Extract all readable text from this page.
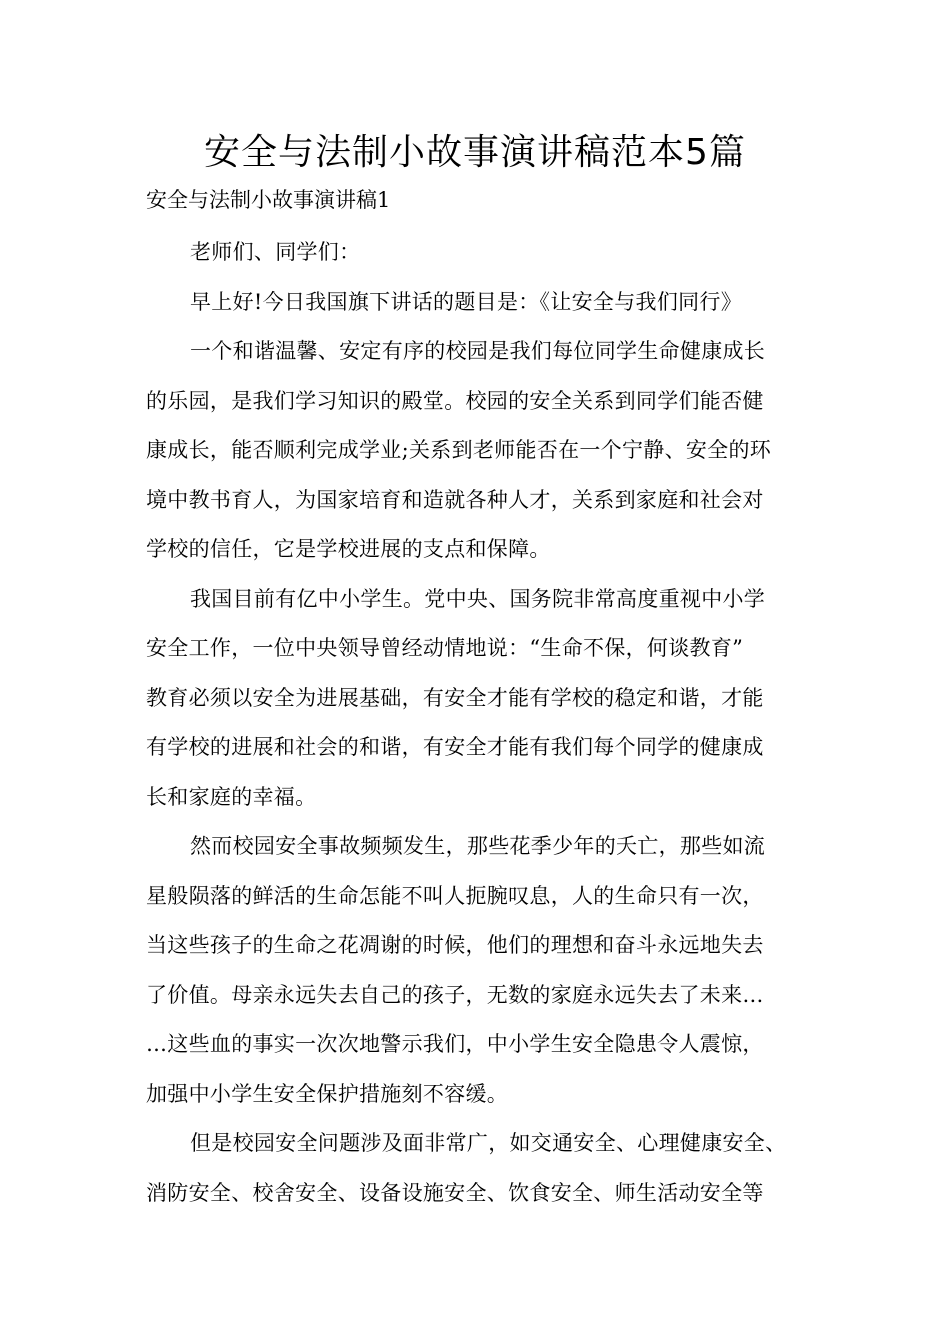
安全与法制小故事演讲稿范本5篇
安全与法制小故事演讲稿1
老师们、同学们：
早上好!今日我国旗下讲话的题目是：《让安全与我们同行》
一个和谐温馨、安定有序的校园是我们每位同学生命健康成长
的乐园，是我们学习知识的殿堂。校园的安全关系到同学们能否健
康成长，能否顺利完成学业;关系到老师能否在一个宁静、安全的环
境中教书育人，为国家培育和造就各种人才，关系到家庭和社会对
学校的信任，它是学校进展的支点和保障。
我国目前有亿中小学生。党中央、国务院非常高度重视中小学
安全工作，一位中央领导曾经动情地说：“生命不保，何谈教育”
教育必须以安全为进展基础，有安全才能有学校的稳定和谐，才能
有学校的进展和社会的和谐，有安全才能有我们每个同学的健康成
长和家庭的幸福。
然而校园安全事故频频发生，那些花季少年的夭亡，那些如流
星般陨落的鲜活的生命怎能不叫人扼腕叹息，人的生命只有一次，
当这些孩子的生命之花凋谢的时候，他们的理想和奋斗永远地失去
了价值。母亲永远失去自己的孩子，无数的家庭永远失去了未来…
…这些血的事实一次次地警示我们，中小学生安全隐患令人震惊，
加强中小学生安全保护措施刻不容缓。
但是校园安全问题涉及面非常广，如交通安全、心理健康安全、
消防安全、校舍安全、设备设施安全、饮食安全、师生活动安全等
